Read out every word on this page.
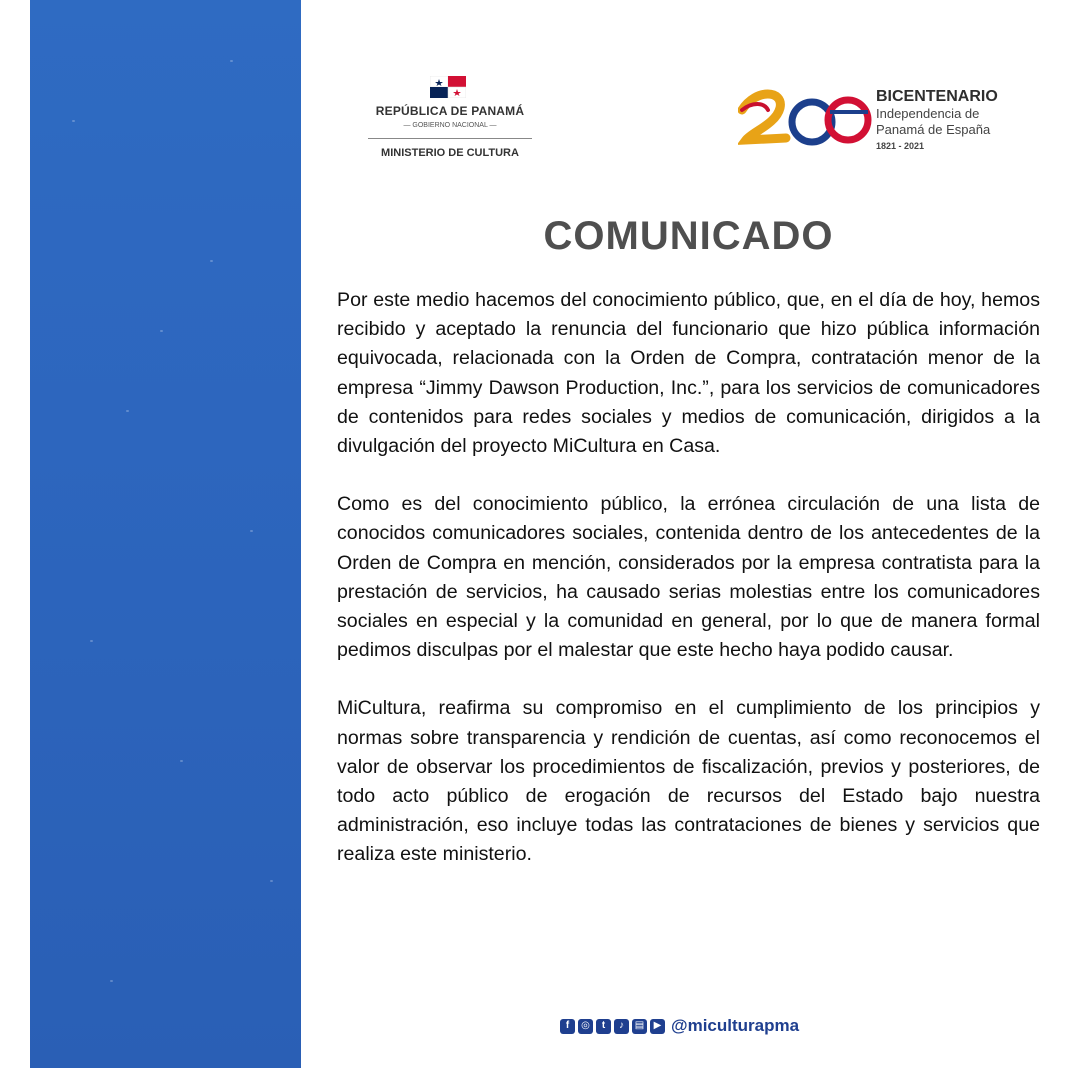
REPÚBLICA DE PANAMÁ
— GOBIERNO NACIONAL —
MINISTERIO DE CULTURA
BICENTENARIO
Independencia de
Panamá de España
1821 - 2021
COMUNICADO

Por este medio hacemos del conocimiento público, que, en el día de hoy, hemos recibido y aceptado la renuncia del funcionario que hizo pública información equivocada, relacionada con la Orden de Compra, contratación menor de la empresa “Jimmy Dawson Production, Inc.”, para los servicios de comunicadores de contenidos para redes sociales y medios de comunicación, dirigidos a la divulgación del proyecto MiCultura en Casa.

Como es del conocimiento público, la errónea circulación de una lista de conocidos comunicadores sociales, contenida dentro de los antecedentes de la Orden de Compra en mención, considerados por la empresa contratista para la prestación de servicios, ha causado serias molestias entre los comunicadores sociales en especial y la comunidad en general, por lo que de manera formal pedimos disculpas por el malestar que este hecho haya podido causar.

MiCultura, reafirma su compromiso en el cumplimiento de los principios y normas sobre transparencia y rendición de cuentas, así como reconocemos el valor de observar los procedimientos de fiscalización, previos y posteriores, de todo acto público de erogación de recursos del Estado bajo nuestra administración, eso incluye todas las contrataciones de bienes y servicios que realiza este ministerio.

f	◎	t	♪	▤ ▶ @miculturapma
